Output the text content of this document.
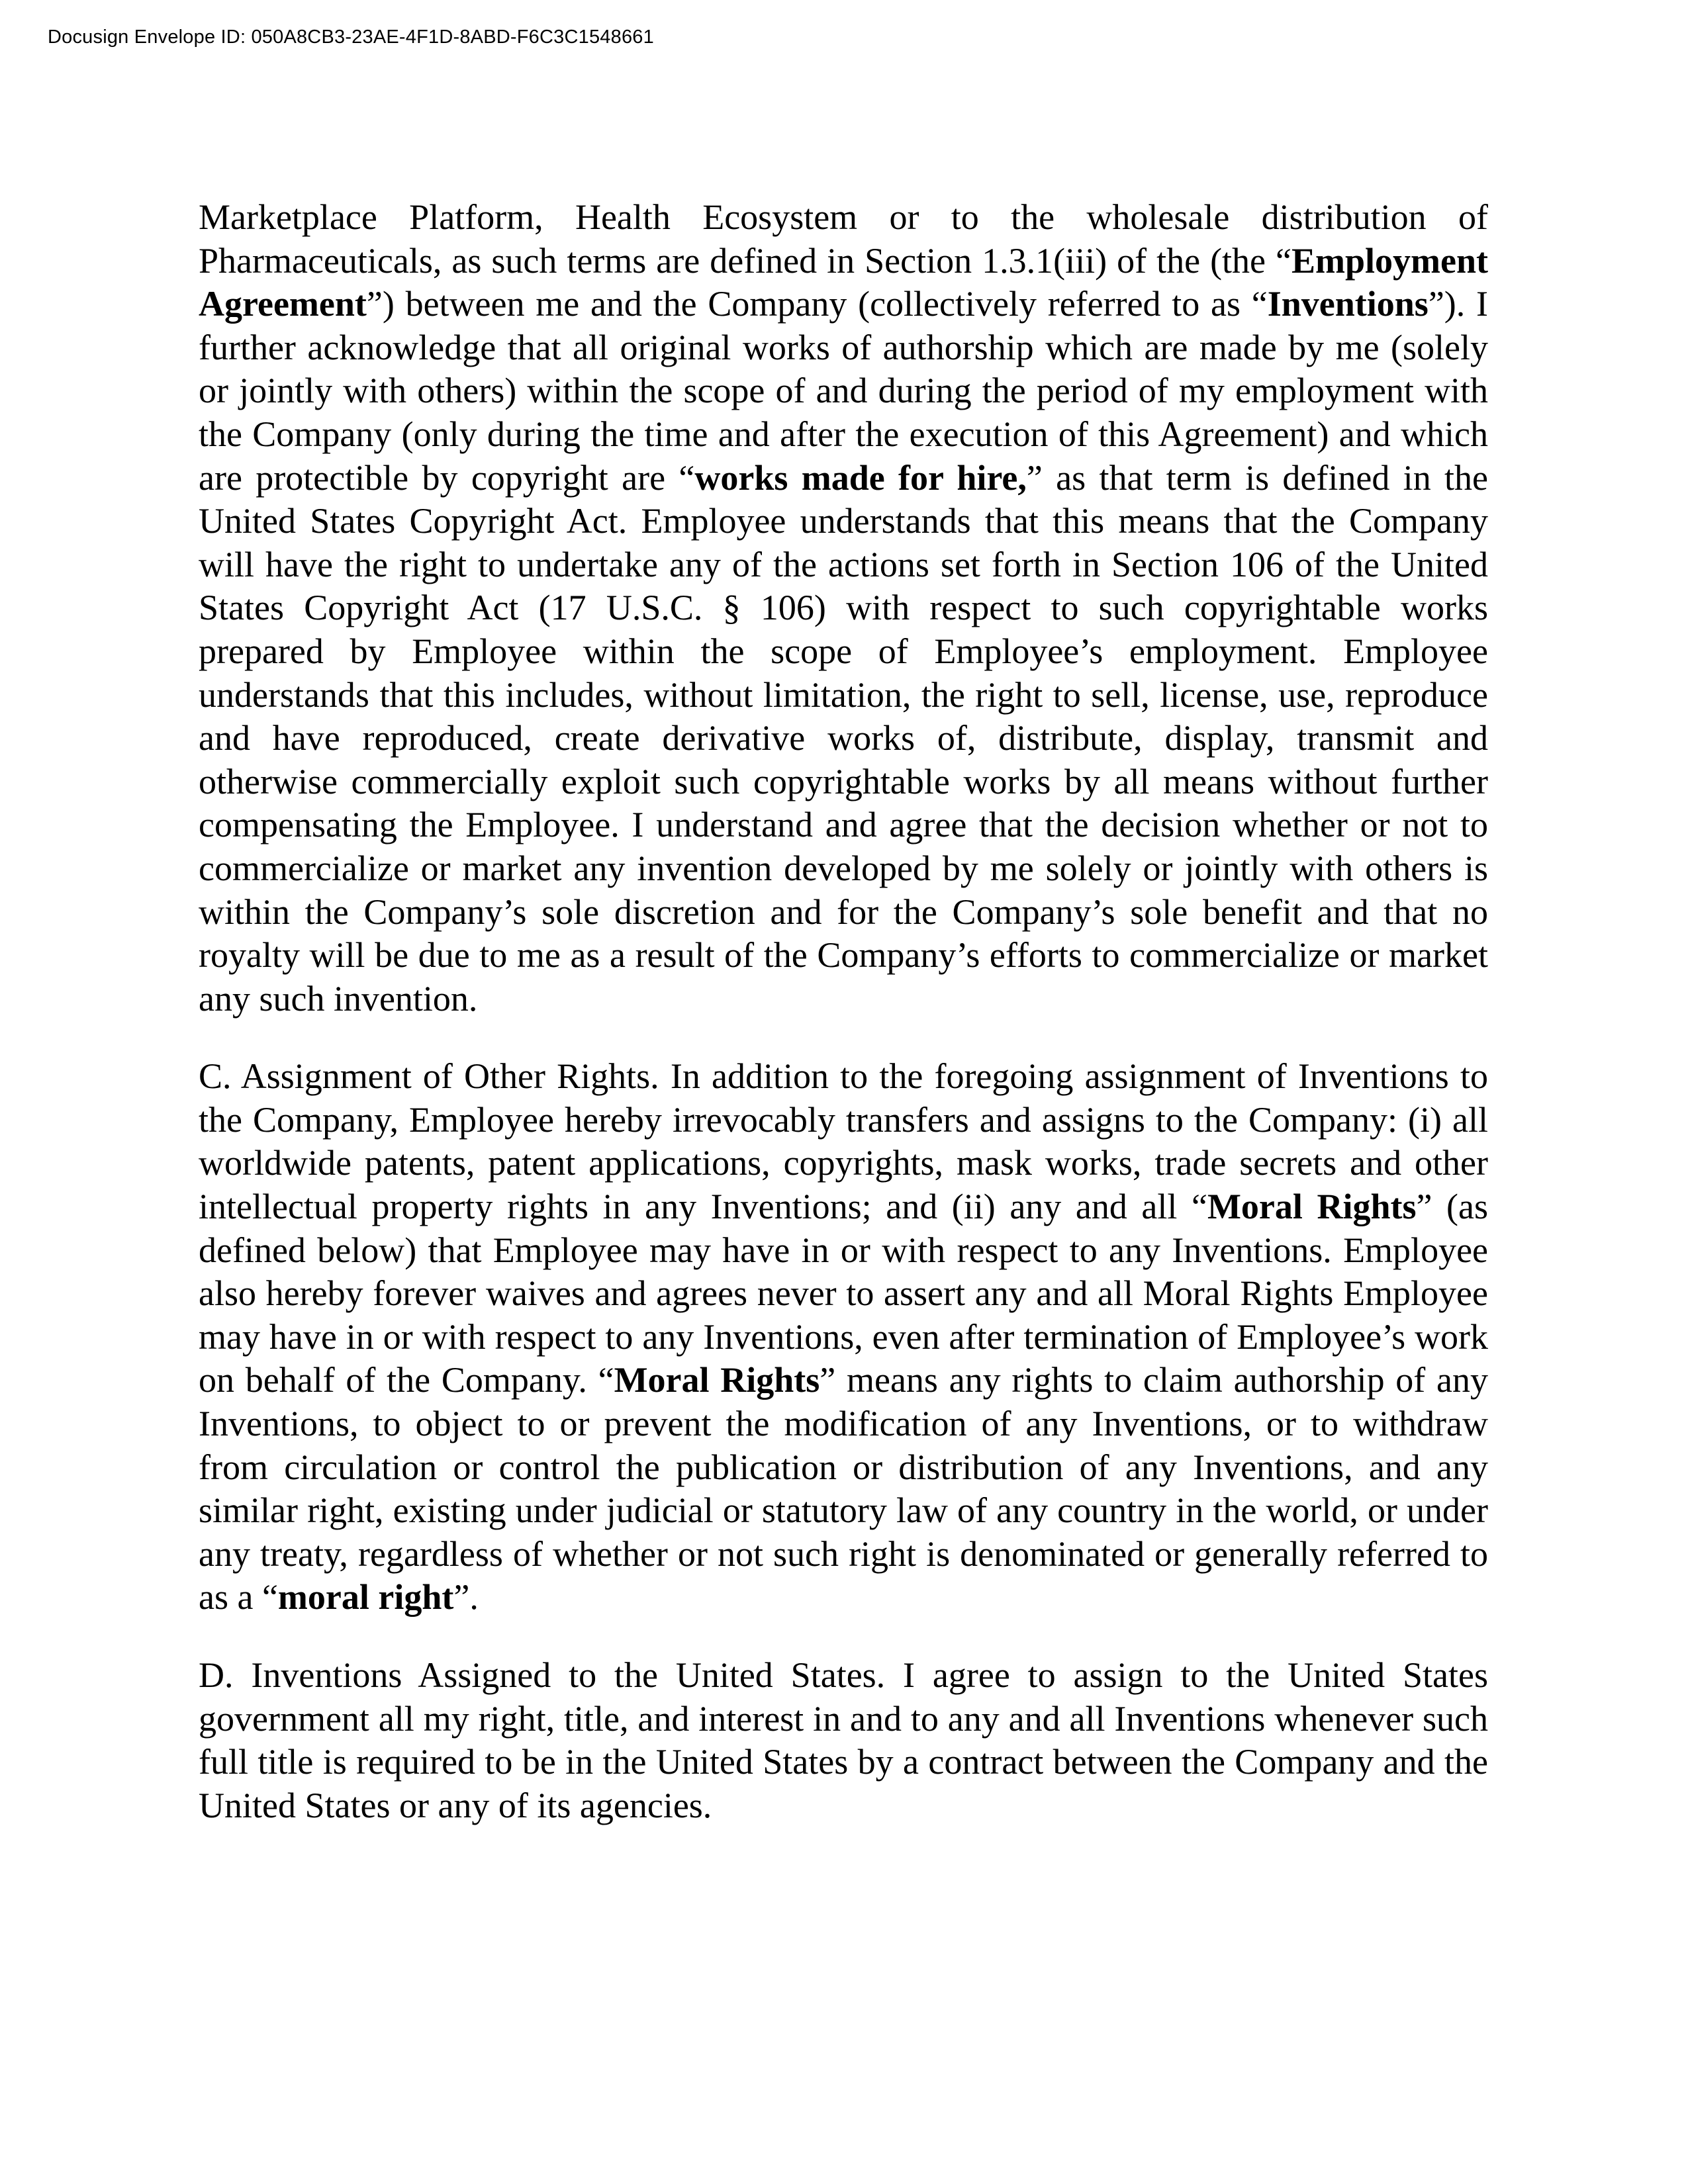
Docusign Envelope ID: 050A8CB3-23AE-4F1D-8ABD-F6C3C1548661

Marketplace Platform, Health Ecosystem or to the wholesale distribution of Pharmaceuticals, as such terms are defined in Section 1.3.1(iii) of the (the “Employment Agreement”) between me and the Company (collectively referred to as “Inventions”). I further acknowledge that all original works of authorship which are made by me (solely or jointly with others) within the scope of and during the period of my employment with the Company (only during the time and after the execution of this Agreement) and which are protectible by copyright are “works made for hire,” as that term is defined in the United States Copyright Act. Employee understands that this means that the Company will have the right to undertake any of the actions set forth in Section 106 of the United States Copyright Act (17 U.S.C. § 106) with respect to such copyrightable works prepared by Employee within the scope of Employee’s employment. Employee understands that this includes, without limitation, the right to sell, license, use, reproduce and have reproduced, create derivative works of, distribute, display, transmit and otherwise commercially exploit such copyrightable works by all means without further compensating the Employee. I understand and agree that the decision whether or not to commercialize or market any invention developed by me solely or jointly with others is within the Company’s sole discretion and for the Company’s sole benefit and that no royalty will be due to me as a result of the Company’s efforts to commercialize or market any such invention.

C. Assignment of Other Rights. In addition to the foregoing assignment of Inventions to the Company, Employee hereby irrevocably transfers and assigns to the Company: (i) all worldwide patents, patent applications, copyrights, mask works, trade secrets and other intellectual property rights in any Inventions; and (ii) any and all “Moral Rights” (as defined below) that Employee may have in or with respect to any Inventions. Employee also hereby forever waives and agrees never to assert any and all Moral Rights Employee may have in or with respect to any Inventions, even after termination of Employee’s work on behalf of the Company. “Moral Rights” means any rights to claim authorship of any Inventions, to object to or prevent the modification of any Inventions, or to withdraw from circulation or control the publication or distribution of any Inventions, and any similar right, existing under judicial or statutory law of any country in the world, or under any treaty, regardless of whether or not such right is denominated or generally referred to as a “moral right”.

D. Inventions Assigned to the United States. I agree to assign to the United States government all my right, title, and interest in and to any and all Inventions whenever such full title is required to be in the United States by a contract between the Company and the United States or any of its agencies.
